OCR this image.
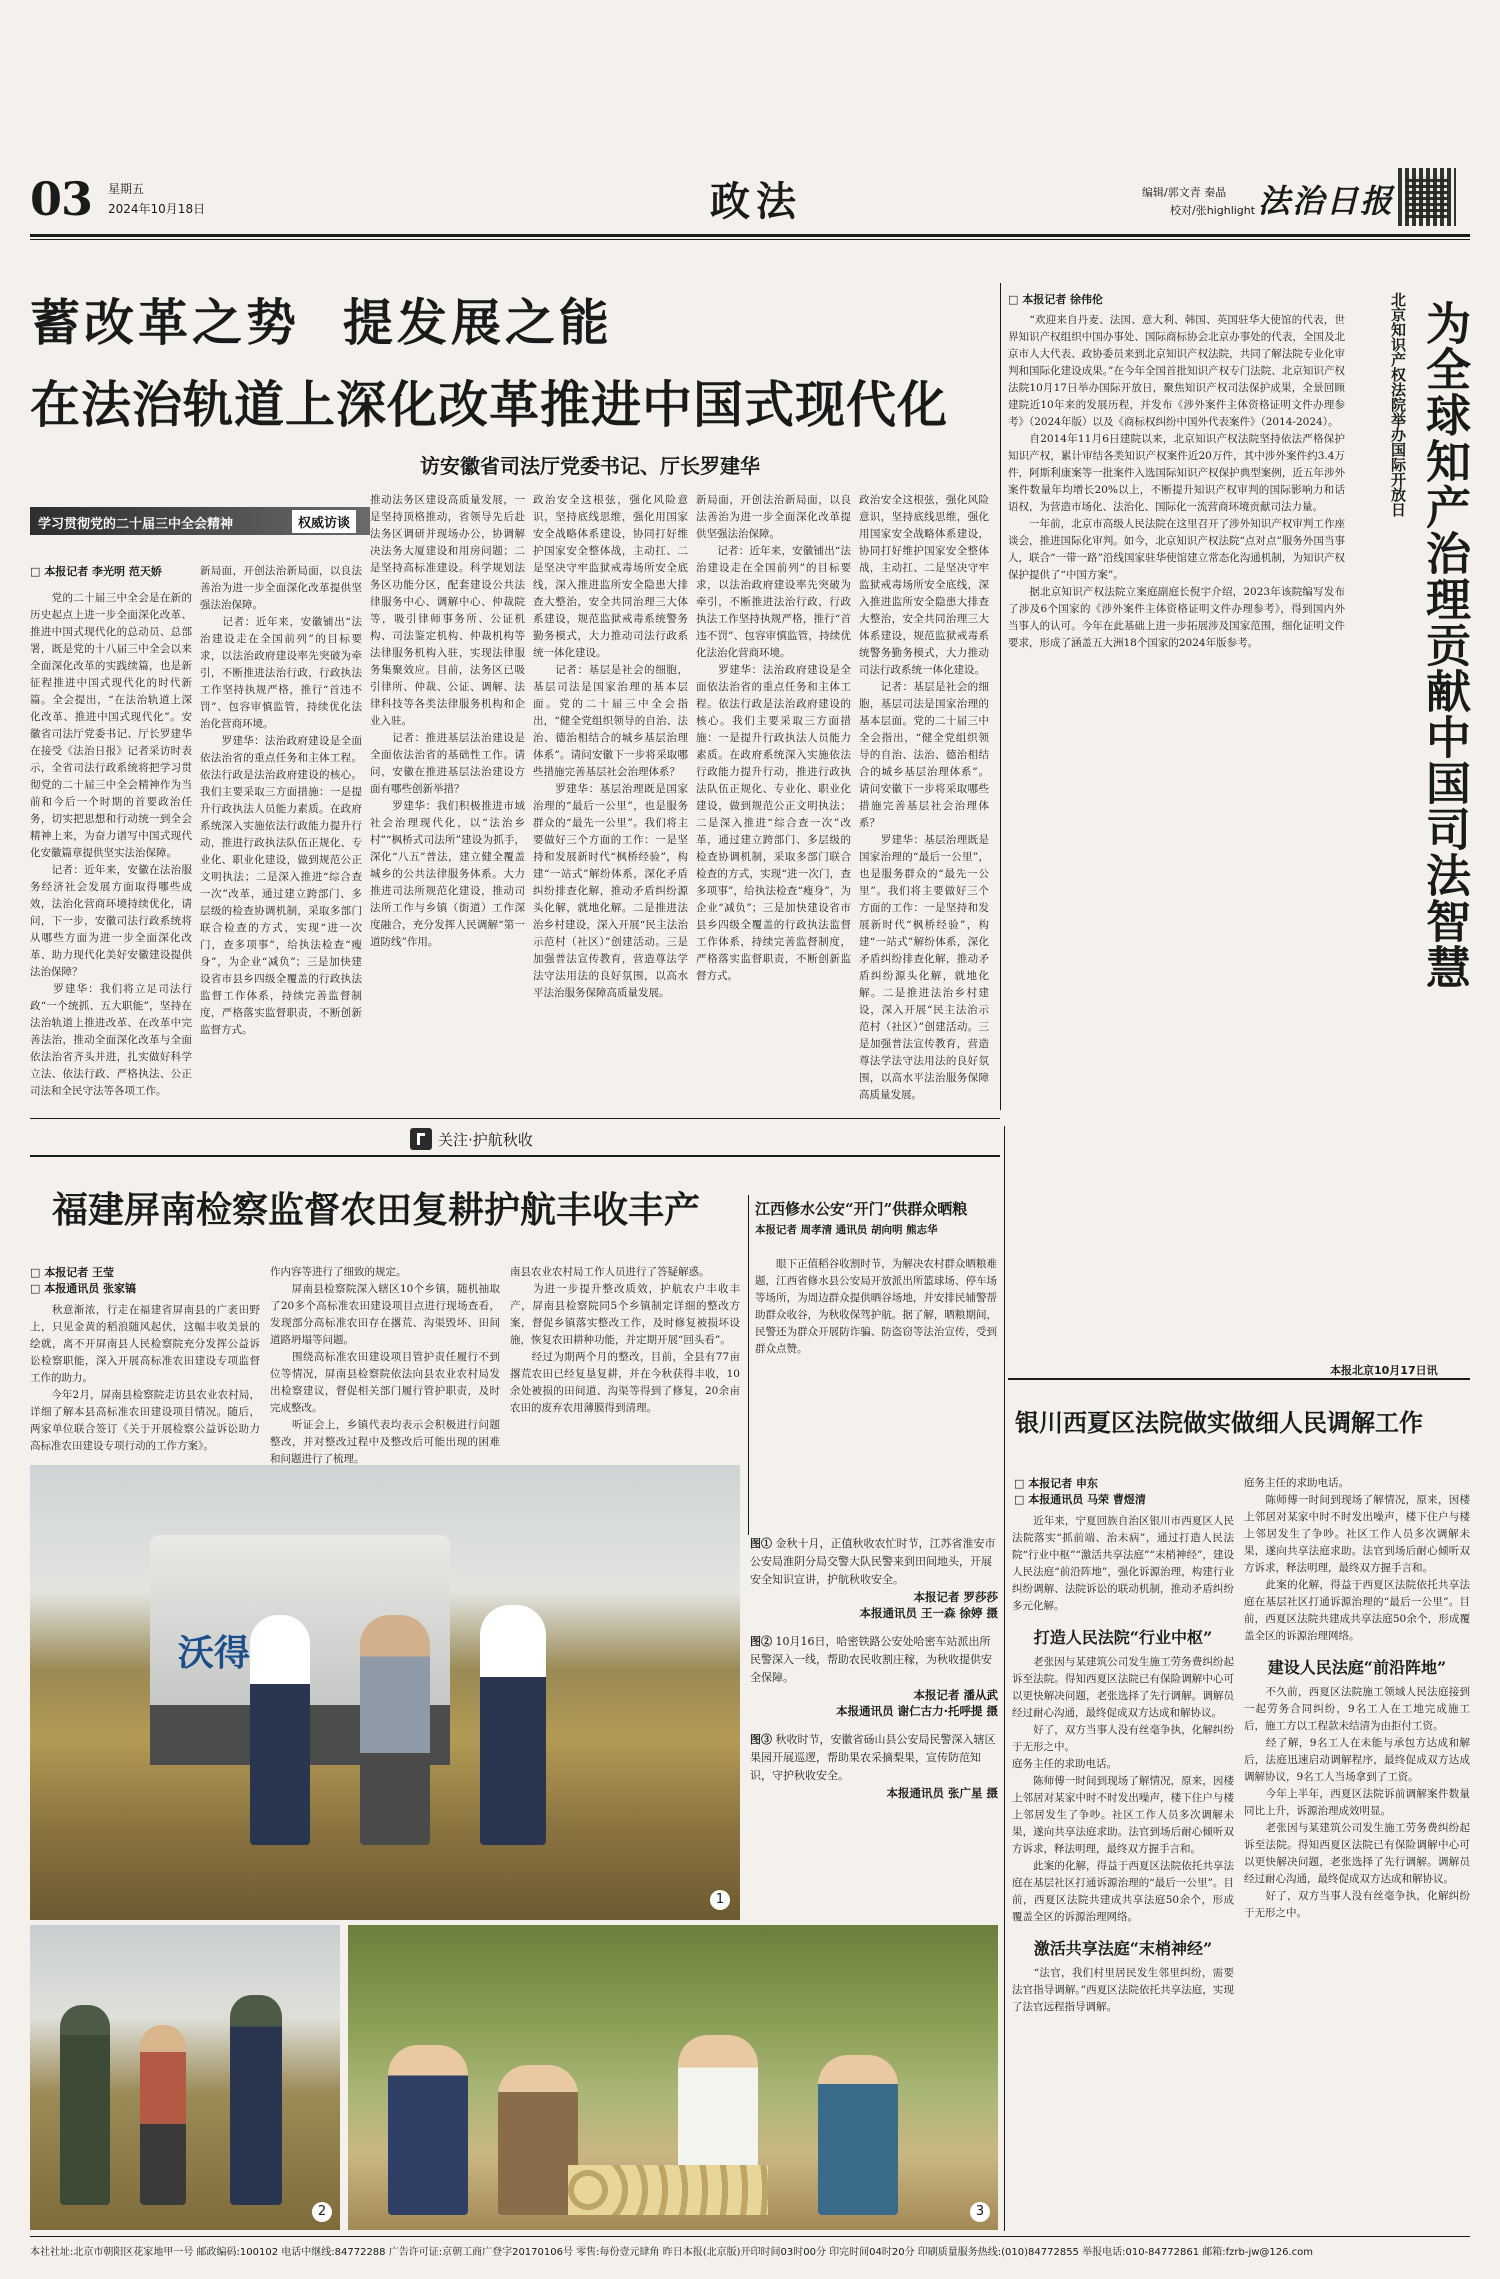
03 星期五
2024年10月18日	政法	编辑/郭文青 秦晶
校对/张highlight 法治日报
蓄改革之势  提发展之能
在法治轨道上深化改革推进中国式现代化
访安徽省司法厅党委书记、厅长罗建华
学习贯彻党的二十届三中全会精神	权威访谈
□ 本报记者 李光明 范天娇
　　党的二十届三中全会是在新的历史起点上进一步全面深化改革、推进中国式现代化的总动员、总部署，既是党的十八届三中全会以来全面深化改革的实践续篇，也是新征程推进中国式现代化的时代新篇。全会提出，“在法治轨道上深化改革、推进中国式现代化”。安徽省司法厅党委书记、厅长罗建华在接受《法治日报》记者采访时表示，全省司法行政系统将把学习贯彻党的二十届三中全会精神作为当前和今后一个时期的首要政治任务，切实把思想和行动统一到全会精神上来，为奋力谱写中国式现代化安徽篇章提供坚实法治保障。
　　记者：近年来，安徽在法治服务经济社会发展方面取得哪些成效，法治化营商环境持续优化，请问，下一步，安徽司法行政系统将从哪些方面为进一步全面深化改革、助力现代化美好安徽建设提供法治保障？
　　罗建华：我们将立足司法行政“一个统抓、五大职能”，坚持在法治轨道上推进改革、在改革中完善法治，推动全面深化改革与全面依法治省齐头并进，扎实做好科学立法、依法行政、严格执法、公正司法和全民守法等各项工作。
新局面，开创法治新局面，以良法善治为进一步全面深化改革提供坚强法治保障。
　　记者：近年来，安徽铺出“法治建设走在全国前列”的目标要求，以法治政府建设率先突破为牵引，不断推进法治行政，行政执法工作坚持执规严格，推行“首违不罚”、包容审慎监管，持续优化法治化营商环境。
　　罗建华：法治政府建设是全面依法治省的重点任务和主体工程。依法行政是法治政府建设的核心。我们主要采取三方面措施：一是提升行政执法人员能力素质。在政府系统深入实施依法行政能力提升行动，推进行政执法队伍正规化、专业化、职业化建设，做到规范公正文明执法；二是深入推进“综合查一次”改革，通过建立跨部门、多层级的检查协调机制，采取多部门联合检查的方式，实现“进一次门，查多项事”，给执法检查“瘦身”，为企业“减负”；三是加快建设省市县乡四级全覆盖的行政执法监督工作体系，持续完善监督制度，严格落实监督职责，不断创新监督方式。
推动法务区建设高质量发展，一是坚持顶格推动，省领导先后赴法务区调研并现场办公，协调解决法务大厦建设和用房问题；二是坚持高标准建设。科学规划法务区功能分区，配套建设公共法律服务中心、调解中心、仲裁院等，吸引律师事务所、公证机构、司法鉴定机构、仲裁机构等法律服务机构入驻，实现法律服务集聚效应。目前，法务区已吸引律所、仲裁、公证、调解、法律科技等各类法律服务机构和企业入驻。
　　记者：推进基层法治建设是全面依法治省的基础性工作。请问，安徽在推进基层法治建设方面有哪些创新举措？
　　罗建华：我们积极推进市域社会治理现代化，以“法治乡村”“枫桥式司法所”建设为抓手，深化“八五”普法，建立健全覆盖城乡的公共法律服务体系。大力推进司法所规范化建设，推动司法所工作与乡镇（街道）工作深度融合，充分发挥人民调解“第一道防线”作用。
政治安全这根弦，强化风险意识，坚持底线思维，强化用国家安全战略体系建设，协同打好维护国家安全整体战，主动扛、二是坚决守牢监狱戒毒场所安全底线，深入推进监所安全隐患大排查大整治，安全共同治理三大体系建设，规范监狱戒毒系统警务勤务模式，大力推动司法行政系统一体化建设。
　　记者：基层是社会的细胞，基层司法是国家治理的基本层面。党的二十届三中全会指出，“健全党组织领导的自治、法治、德治相结合的城乡基层治理体系”。请问安徽下一步将采取哪些措施完善基层社会治理体系？
　　罗建华：基层治理既是国家治理的“最后一公里”，也是服务群众的“最先一公里”。我们将主要做好三个方面的工作：一是坚持和发展新时代“枫桥经验”，构建“一站式”解纷体系，深化矛盾纠纷排查化解，推动矛盾纠纷源头化解，就地化解。二是推进法治乡村建设，深入开展“民主法治示范村（社区）”创建活动。三是加强普法宣传教育，营造尊法学法守法用法的良好氛围，以高水平法治服务保障高质量发展。
新局面，开创法治新局面，以良法善治为进一步全面深化改革提供坚强法治保障。
　　记者：近年来，安徽铺出“法治建设走在全国前列”的目标要求，以法治政府建设率先突破为牵引，不断推进法治行政，行政执法工作坚持执规严格，推行“首违不罚”、包容审慎监管，持续优化法治化营商环境。
　　罗建华：法治政府建设是全面依法治省的重点任务和主体工程。依法行政是法治政府建设的核心。我们主要采取三方面措施：一是提升行政执法人员能力素质。在政府系统深入实施依法行政能力提升行动，推进行政执法队伍正规化、专业化、职业化建设，做到规范公正文明执法；二是深入推进“综合查一次”改革，通过建立跨部门、多层级的检查协调机制，采取多部门联合检查的方式，实现“进一次门，查多项事”，给执法检查“瘦身”，为企业“减负”；三是加快建设省市县乡四级全覆盖的行政执法监督工作体系，持续完善监督制度，严格落实监督职责，不断创新监督方式。
政治安全这根弦，强化风险意识，坚持底线思维，强化用国家安全战略体系建设，协同打好维护国家安全整体战，主动扛、二是坚决守牢监狱戒毒场所安全底线，深入推进监所安全隐患大排查大整治，安全共同治理三大体系建设，规范监狱戒毒系统警务勤务模式，大力推动司法行政系统一体化建设。
　　记者：基层是社会的细胞，基层司法是国家治理的基本层面。党的二十届三中全会指出，“健全党组织领导的自治、法治、德治相结合的城乡基层治理体系”。请问安徽下一步将采取哪些措施完善基层社会治理体系？
　　罗建华：基层治理既是国家治理的“最后一公里”，也是服务群众的“最先一公里”。我们将主要做好三个方面的工作：一是坚持和发展新时代“枫桥经验”，构建“一站式”解纷体系，深化矛盾纠纷排查化解，推动矛盾纠纷源头化解，就地化解。二是推进法治乡村建设，深入开展“民主法治示范村（社区）”创建活动。三是加强普法宣传教育，营造尊法学法守法用法的良好氛围，以高水平法治服务保障高质量发展。
□ 本报记者 徐伟伦
　　“欢迎来自丹麦、法国、意大利、韩国、英国驻华大使馆的代表，世界知识产权组织中国办事处、国际商标协会北京办事处的代表，全国及北京市人大代表、政协委员来到北京知识产权法院，共同了解法院专业化审判和国际化建设成果。”在今年全国首批知识产权专门法院、北京知识产权法院10月17日举办国际开放日，聚焦知识产权司法保护成果，全景回顾建院近10年来的发展历程，并发布《涉外案件主体资格证明文件办理参考》（2024年版）以及《商标权纠纷中国外代表案件》（2014-2024）。
　　自2014年11月6日建院以来，北京知识产权法院坚持依法严格保护知识产权，累计审结各类知识产权案件近20万件，其中涉外案件约3.4万件，阿斯利康案等一批案件入选国际知识产权保护典型案例，近五年涉外案件数量年均增长20%以上，不断提升知识产权审判的国际影响力和话语权，为营造市场化、法治化、国际化一流营商环境贡献司法力量。
　　一年前，北京市高级人民法院在这里召开了涉外知识产权审判工作座谈会，推进国际化审判。如今，北京知识产权法院“点对点”服务外国当事人，联合“一带一路”沿线国家驻华使馆建立常态化沟通机制，为知识产权保护提供了“中国方案”。
　　据北京知识产权法院立案庭副庭长倪宇介绍，2023年该院编写发布了涉及6个国家的《涉外案件主体资格证明文件办理参考》，得到国内外当事人的认可。今年在此基础上进一步拓展涉及国家范围，细化证明文件要求，形成了涵盖五大洲18个国家的2024年版参考。
北京知识产权法院举办国际开放日 为全球知产治理贡献中国司法智慧
本报北京10月17日讯
关注·护航秋收
福建屏南检察监督农田复耕护航丰收丰产
□ 本报记者 王莹
□ 本报通讯员 张家镐
　　秋意渐浓，行走在福建省屏南县的广袤田野上，只见金黄的稻浪随风起伏，这幅丰收美景的绘就，离不开屏南县人民检察院充分发挥公益诉讼检察职能，深入开展高标准农田建设专项监督工作的助力。
　　今年2月，屏南县检察院走访县农业农村局，详细了解本县高标准农田建设项目情况。随后，两家单位联合签订《关于开展检察公益诉讼助力高标准农田建设专项行动的工作方案》。
作内容等进行了细致的规定。
　　屏南县检察院深入辖区10个乡镇，随机抽取了20多个高标准农田建设项目点进行现场查看，发现部分高标准农田存在撂荒、沟渠毁坏、田间道路坍塌等问题。
　　围绕高标准农田建设项目管护责任履行不到位等情况，屏南县检察院依法向县农业农村局发出检察建议，督促相关部门履行管护职责，及时完成整改。
　　听证会上，乡镇代表均表示会积极进行问题整改，并对整改过程中及整改后可能出现的困难和问题进行了梳理。
南县农业农村局工作人员进行了答疑解惑。
　　为进一步提升整改质效，护航农户丰收丰产，屏南县检察院同5个乡镇制定详细的整改方案，督促乡镇落实整改工作，及时修复被损坏设施，恢复农田耕种功能，并定期开展“回头看”。
　　经过为期两个月的整改，目前，全县有77亩撂荒农田已经复垦复耕，并在今秋获得丰收，10余处被损的田间道、沟渠等得到了修复，20余亩农田的废弃农用薄膜得到清理。
江西修水公安“开门”供群众晒粮
本报记者 周孝清 通讯员 胡向明 熊志华
　　眼下正值稻谷收割时节，为解决农村群众晒粮难题，江西省修水县公安局开放派出所篮球场、停车场等场所，为周边群众提供晒谷场地，并安排民辅警帮助群众收谷，为秋收保驾护航。据了解，晒粮期间，民警还为群众开展防诈骗、防盗窃等法治宣传，受到群众点赞。
沃得
1
图① 金秋十月，正值秋收农忙时节，江苏省淮安市公安局淮阴分局交警大队民警来到田间地头，开展安全知识宣讲，护航秋收安全。
本报记者 罗莎莎
本报通讯员 王一森 徐婷 摄
图② 10月16日，哈密铁路公安处哈密车站派出所民警深入一线，帮助农民收割庄稼，为秋收提供安全保障。
本报记者 潘从武
本报通讯员 谢仁古力·托呼提 摄
图③ 秋收时节，安徽省砀山县公安局民警深入辖区果园开展巡逻，帮助果农采摘梨果，宣传防范知识，守护秋收安全。
本报通讯员 张广星 摄
2	3
银川西夏区法院做实做细人民调解工作
□ 本报记者 申东
□ 本报通讯员 马荣 曹煜清
　　近年来，宁夏回族自治区银川市西夏区人民法院落实“抓前端、治未病”，通过打造人民法院“行业中枢”“激活共享法庭”“末梢神经”，建设人民法庭“前沿阵地”，强化诉源治理，构建行业纠纷调解、法院诉讼的联动机制，推动矛盾纠纷多元化解。
打造人民法院“行业中枢”
　　老张因与某建筑公司发生施工劳务费纠纷起诉至法院。得知西夏区法院已有保险调解中心可以更快解决问题，老张选择了先行调解。调解员经过耐心沟通，最终促成双方达成和解协议。
　　好了，双方当事人没有丝毫争执，化解纠纷于无形之中。
庭务主任的求助电话。
　　陈师傅一时间到现场了解情况，原来，因楼上邻居对某家中时不时发出噪声，楼下住户与楼上邻居发生了争吵。社区工作人员多次调解未果，遂向共享法庭求助。法官到场后耐心倾听双方诉求，释法明理，最终双方握手言和。
　　此案的化解，得益于西夏区法院依托共享法庭在基层社区打通诉源治理的“最后一公里”。目前，西夏区法院共建成共享法庭50余个，形成覆盖全区的诉源治理网络。
激活共享法庭“末梢神经”
　　“法官，我们村里居民发生邻里纠纷，需要法官指导调解。”西夏区法院依托共享法庭，实现了法官远程指导调解。
庭务主任的求助电话。
　　陈师傅一时间到现场了解情况，原来，因楼上邻居对某家中时不时发出噪声，楼下住户与楼上邻居发生了争吵。社区工作人员多次调解未果，遂向共享法庭求助。法官到场后耐心倾听双方诉求，释法明理，最终双方握手言和。
　　此案的化解，得益于西夏区法院依托共享法庭在基层社区打通诉源治理的“最后一公里”。目前，西夏区法院共建成共享法庭50余个，形成覆盖全区的诉源治理网络。
建设人民法庭“前沿阵地”
　　不久前，西夏区法院施工领域人民法庭接到一起劳务合同纠纷，9名工人在工地完成施工后，施工方以工程款未结清为由拒付工资。
　　经了解，9名工人在未能与承包方达成和解后，法庭迅速启动调解程序，最终促成双方达成调解协议，9名工人当场拿到了工资。
　　今年上半年，西夏区法院诉前调解案件数量同比上升，诉源治理成效明显。
　　老张因与某建筑公司发生施工劳务费纠纷起诉至法院。得知西夏区法院已有保险调解中心可以更快解决问题，老张选择了先行调解。调解员经过耐心沟通，最终促成双方达成和解协议。
　　好了，双方当事人没有丝毫争执，化解纠纷于无形之中。
本社社址:北京市朝阳区花家地甲一号 邮政编码:100102 电话中继线:84772288 广告许可证:京朝工商广登字20170106号 零售:每份壹元肆角 昨日本报(北京版)开印时间03时00分 印完时间04时20分 印刷质量服务热线:(010)84772855 举报电话:010-84772861 邮箱:fzrb-jw@126.com
